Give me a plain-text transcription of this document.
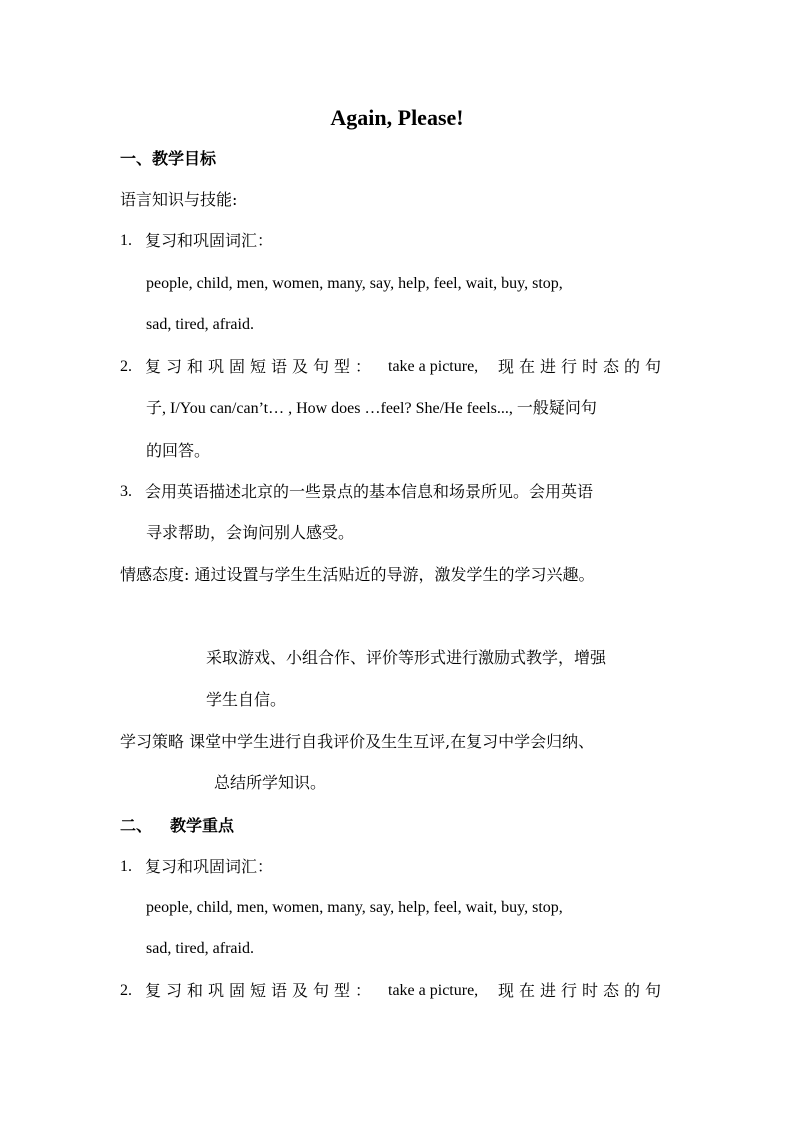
Again, Please!
一、教学目标
语言知识与技能:
1. 复习和巩固词汇：
people, child, men, women, many, say, help, feel, wait, buy, stop,
sad, tired, afraid.
2. 复习和巩固短语及句型： take a picture, 现在进行时态的句
子, I/You can/can’t… , How does …feel? She/He feels..., 一般疑问句
的回答。
3. 会用英语描述北京的一些景点的基本信息和场景所见。会用英语
寻求帮助，会询问别人感受。
情感态度: 通过设置与学生生活贴近的导游，激发学生的学习兴趣。
采取游戏、小组合作、评价等形式进行激励式教学，增强
学生自信。
学习策略 课堂中学生进行自我评价及生生互评,在复习中学会归纳、
总结所学知识。
二、 教学重点
1. 复习和巩固词汇：
people, child, men, women, many, say, help, feel, wait, buy, stop,
sad, tired, afraid.
2. 复习和巩固短语及句型： take a picture, 现在进行时态的句
